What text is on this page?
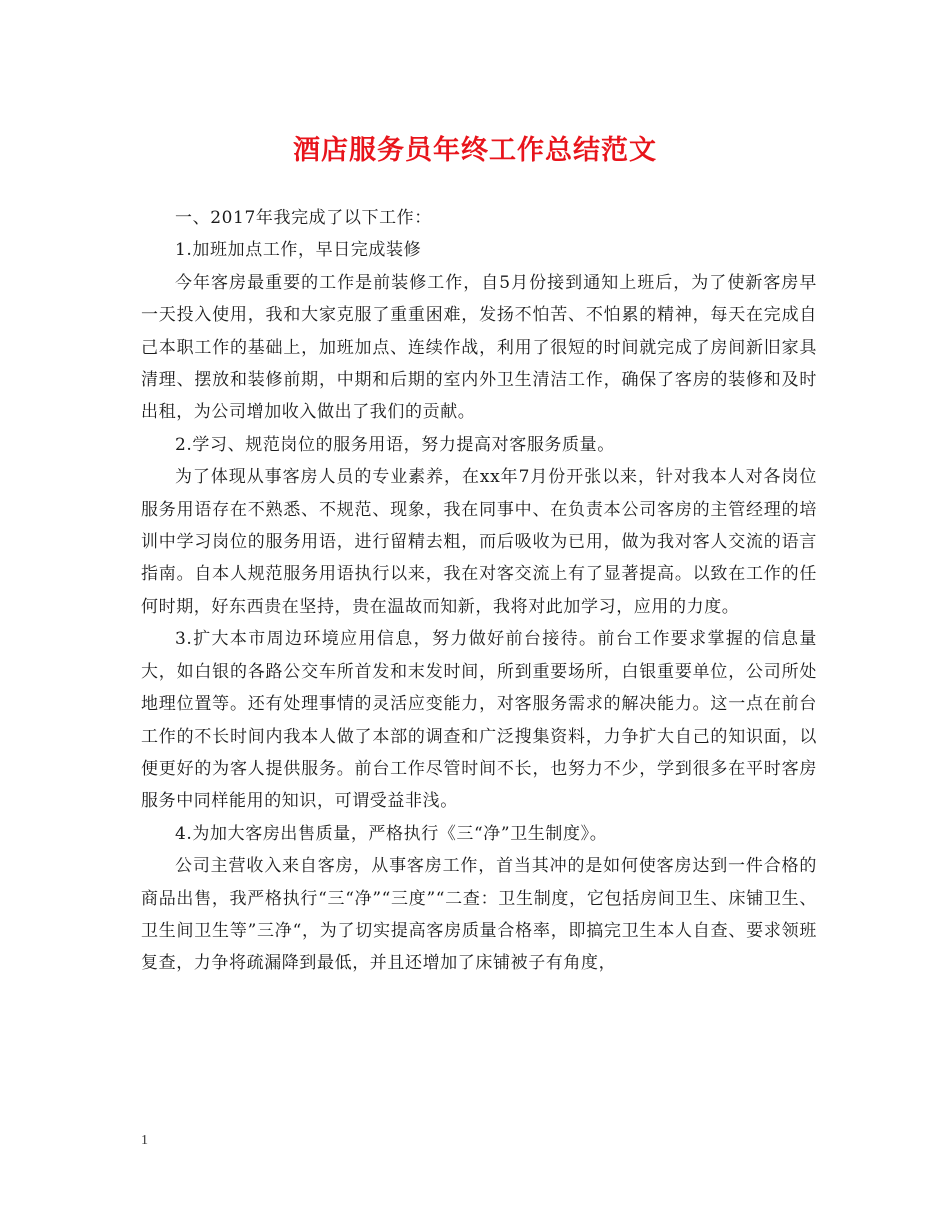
酒店服务员年终工作总结范文

一、2017年我完成了以下工作：

1.加班加点工作，早日完成装修

今年客房最重要的工作是前装修工作，自5月份接到通知上班后，为了使新客房早一天投入使用，我和大家克服了重重困难，发扬不怕苦、不怕累的精神，每天在完成自己本职工作的基础上，加班加点、连续作战，利用了很短的时间就完成了房间新旧家具清理、摆放和装修前期，中期和后期的室内外卫生清洁工作，确保了客房的装修和及时出租，为公司增加收入做出了我们的贡献。

2.学习、规范岗位的服务用语，努力提高对客服务质量。

为了体现从事客房人员的专业素养，在xx年7月份开张以来，针对我本人对各岗位服务用语存在不熟悉、不规范、现象，我在同事中、在负责本公司客房的主管经理的培训中学习岗位的服务用语，进行留精去粗，而后吸收为已用，做为我对客人交流的语言指南。自本人规范服务用语执行以来，我在对客交流上有了显著提高。以致在工作的任何时期，好东西贵在坚持，贵在温故而知新，我将对此加学习，应用的力度。

3.扩大本市周边环境应用信息，努力做好前台接待。前台工作要求掌握的信息量大，如白银的各路公交车所首发和末发时间，所到重要场所，白银重要单位，公司所处地理位置等。还有处理事情的灵活应变能力，对客服务需求的解决能力。这一点在前台工作的不长时间内我本人做了本部的调查和广泛搜集资料，力争扩大自己的知识面，以便更好的为客人提供服务。前台工作尽管时间不长，也努力不少，学到很多在平时客房服务中同样能用的知识，可谓受益非浅。

4.为加大客房出售质量，严格执行《三“净”卫生制度》。

公司主营收入来自客房，从事客房工作，首当其冲的是如何使客房达到一件合格的商品出售，我严格执行“三“净”“三度”“二查：卫生制度，它包括房间卫生、床铺卫生、卫生间卫生等”三净“，为了切实提高客房质量合格率，即搞完卫生本人自查、要求领班复查，力争将疏漏降到最低，并且还增加了床铺被子有角度，

1
